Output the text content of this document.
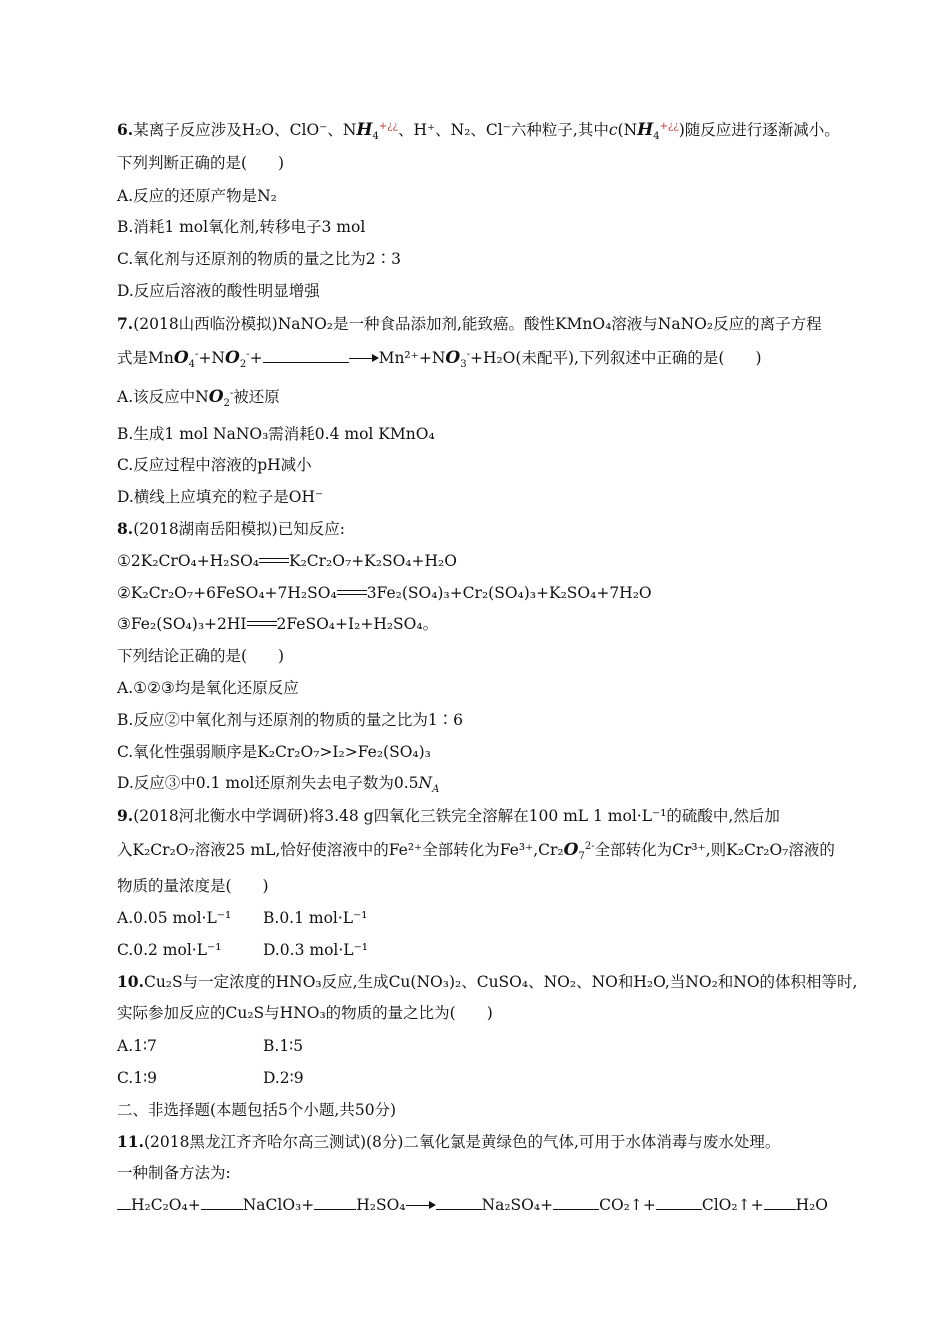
6.某离子反应涉及H₂O、ClO⁻、$NH_4^{+¿¿}$、H⁺、N₂、Cl⁻六种粒子,其中$c(NH_4^{+¿¿})$随反应进行逐渐减小。
下列判断正确的是(　　)
A.反应的还原产物是N₂
B.消耗1 mol氧化剂,转移电子3 mol
C.氧化剂与还原剂的物质的量之比为2∶3
D.反应后溶液的酸性明显增强
7.(2018山西临汾模拟)NaNO₂是一种食品添加剂,能致癌。酸性KMnO₄溶液与NaNO₂反应的离子方程
式是$MnO_4^-+NO_2^-+$	$Mn^{2+}+NO_3^-+H_2O$(未配平),下列叙述中正确的是(　　)
A.该反应中$NO_2^-$被还原
B.生成1 mol NaNO₃需消耗0.4 mol KMnO₄
C.反应过程中溶液的pH减小
D.横线上应填充的粒子是OH⁻
8.(2018湖南岳阳模拟)已知反应:
①2K₂CrO₄+H₂SO₄ K₂Cr₂O₇+K₂SO₄+H₂O
②K₂Cr₂O₇+6FeSO₄+7H₂SO₄ 3Fe₂(SO₄)₃+Cr₂(SO₄)₃+K₂SO₄+7H₂O
③Fe₂(SO₄)₃+2HI 2FeSO₄+I₂+H₂SO₄。
下列结论正确的是(　　)
A.①②③均是氧化还原反应
B.反应②中氧化剂与还原剂的物质的量之比为1∶6
C.氧化性强弱顺序是K₂Cr₂O₇>I₂>Fe₂(SO₄)₃
D.反应③中0.1 mol还原剂失去电子数为$0.5N_A$
9.(2018河北衡水中学调研)将3.48 g四氧化三铁完全溶解在100 mL 1 mol·L⁻¹的硫酸中,然后加
入K₂Cr₂O₇溶液25 mL,恰好使溶液中的Fe²⁺全部转化为$Fe^{3+},Cr_2O_7^{2-}$全部转化为Cr³⁺,则K₂Cr₂O₇溶液的
物质的量浓度是(　　)
A.0.05 mol·L⁻¹ B.0.1 mol·L⁻¹
C.0.2 mol·L⁻¹	D.0.3 mol·L⁻¹
10.Cu₂S与一定浓度的HNO₃反应,生成Cu(NO₃)₂、CuSO₄、NO₂、NO和H₂O,当NO₂和NO的体积相等时,
实际参加反应的Cu₂S与HNO₃的物质的量之比为(　　)
A.1∶7	B.1∶5
C.1∶9	D.2∶9
二、非选择题(本题包括5个小题,共50分)
11.(2018黑龙江齐齐哈尔高三测试)(8分)二氧化氯是黄绿色的气体,可用于水体消毒与废水处理。
一种制备方法为:
H₂C₂O₄+	NaClO₃+	H₂SO₄	Na₂SO₄+	CO₂↑+	ClO₂↑+ H₂O
